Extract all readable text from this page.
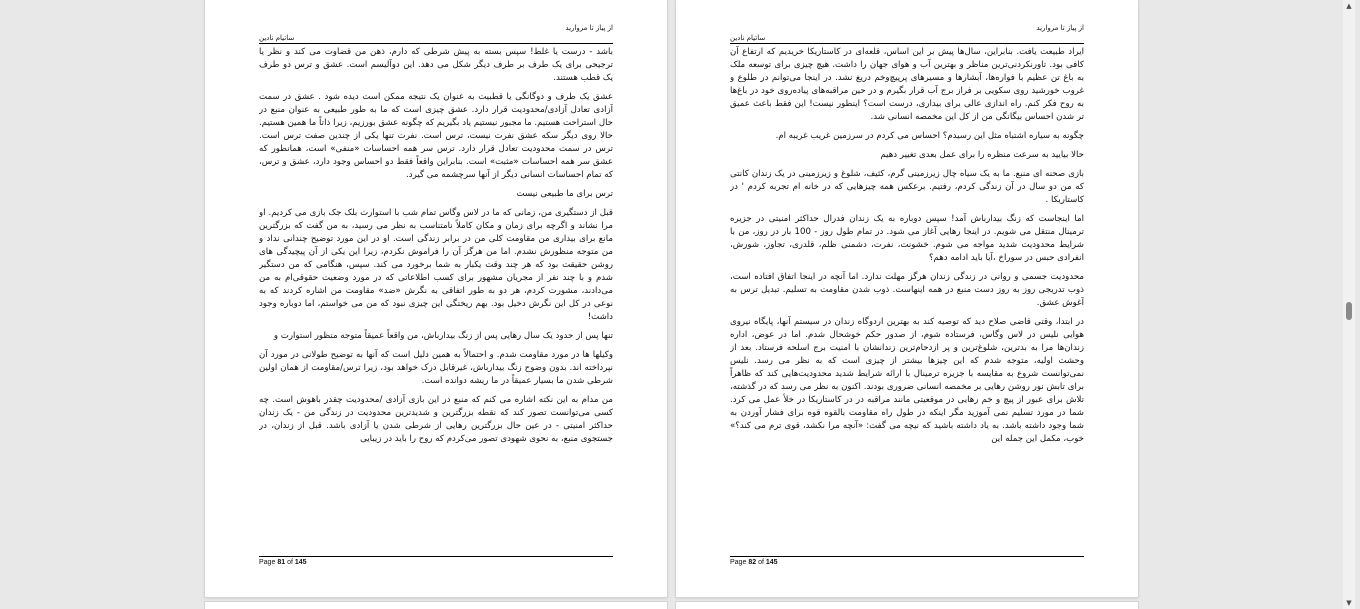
از پیاز تا مروارید
ساتیام نادین

باشد - درست یا غلط! سپس بسته به پیش شرطی که دارم، ذهن من قضاوت می کند و نظر یا ترجیحی برای یک طرف بر طرف دیگر شکل می دهد. این دوآلیسم است. عشق و ترس دو طرف یک قطب هستند.

عشق یک طرف و دوگانگی یا قطبیت به عنوان یک نتیجه ممکن است دیده شود . عشق در سمت آزادی تعادل آزادی/محدودیت قرار دارد. عشق چیزی است که ما به طور طبیعی به عنوان منبع در حال استراحت هستیم. ما مجبور نیستیم یاد بگیریم که چگونه عشق بورزیم، زیرا ذاتاً ما همین هستیم. حالا روی دیگر سکه عشق نفرت نیست، ترس است. نفرت تنها یکی از چندین صفت ترس است. ترس در سمت محدودیت تعادل قرار دارد. ترس سر همه احساسات «منفی» است، همانطور که عشق سر همه احساسات «مثبت» است. بنابراین واقعاً فقط دو احساس وجود دارد، عشق و ترس، که تمام احساسات انسانی دیگر از آنها سرچشمه می گیرد.

ترس برای ما طبیعی نیست

قبل از دستگیری من، زمانی که ما در لاس وگاس تمام شب با استوارت بلک جک بازی می کردیم. او مرا نشاند و اگرچه برای زمان و مکان کاملاً نامتناسب به نظر می رسید، به من گفت که بزرگترین مانع برای بیداری من مقاومت کلی من در برابر زندگی است. او در این مورد توضیح چندانی نداد و من متوجه منظورش نشدم. اما من هرگز آن را فراموش نکردم، زیرا این یکی از آن پیچیدگی های روشن حقیقت بود که هر چند وقت یکبار به شما برخورد می کند. سپس، هنگامی که من دستگیر شدم و با چند نفر از مجریان مشهور برای کسب اطلاعاتی که در مورد وضعیت حقوقی‌ام به من می‌دادند، مشورت کردم، هر دو به طور اتفاقی به نگرش «ضد» مقاومت من اشاره کردند که به نوعی در کل این نگرش دخیل بود. بهم ریختگی این چیزی نبود که من می خواستم، اما دوباره وجود داشت!

تنها پس از حدود یک سال رهایی پس از زنگ بیدارباش، من واقعاً عمیقاً متوجه منظور استوارت و

وکیلها ها در مورد مقاومت شدم. و احتمالاً به همین دلیل است که آنها به توضیح طولانی در مورد آن نپرداخته اند. بدون وضوح زنگ بیدارباش، غیرقابل درک خواهد بود، زیرا ترس/مقاومت از همان اولین شرطی شدن ما بسیار عمیقاً در ما ریشه دوانده است.

من مدام به این نکته اشاره می کنم که منبع در این بازی آزادی /محدودیت چقدر باهوش است. چه کسی می‌توانست تصور کند که نقطه بزرگترین و شدیدترین محدودیت در زندگی من - یک زندان حداکثر امنیتی - در عین حال بزرگترین رهایی از شرطی شدن یا آزادی باشد. قبل از زندان، در جستجوی منبع، به نحوی شهودی تصور می‌کردم که روح را باید در زیبایی

Page 81 of 145
از پیاز تا مروارید
ساتیام نادین

ایراد طبیعت یافت. بنابراین، سال‌ها پیش بر این اساس، قلعه‌ای در کاستاریکا خریدیم که ارتفاع آن کافی بود. تاورنکردنی‌ترین مناظر و بهترین آب و هوای جهان را داشت. هیچ چیزی برای توسعه ملک به باغ تن عظیم با فواره‌ها، آبشارها و مسیرهای پرپیچ‌وخم دریغ نشد. در اینجا می‌توانم در طلوع و غروب خورشید روی سکویی بر فراز برج آب قرار بگیرم و در حین مراقبه‌های پیاده‌روی خود در باغ‌ها به روح فکر کنم. راه اندازی عالی برای بیداری، درست است؟ اینطور نیست! این فقط باعث عمیق تر شدن احساس بیگانگی من از کل این مخمصه انسانی شد.

چگونه به سیاره اشتباه مثل این رسیدم؟ احساس می کردم در سرزمین غریب غریبه ام.

حالا بیایید به سرعت منظره را برای عمل بعدی تغییر دهیم

بازی صحنه ای منبع. ما به یک سیاه چال زیرزمینی گرم، کثیف، شلوغ و زیرزمینی در یک زندان کانتی که من دو سال در آن زندگی کردم، رفتیم. برعکس همه چیزهایی که در خانه ام تجربه کردم ' در کاستاریکا .

اما اینجاست که زنگ بیدارباش آمد! سپس دوباره به یک زندان فدرال حداکثر امنیتی در جزیره ترمینال منتقل می شویم. در اینجا رهایی آغاز می شود. در تمام طول روز - 100 بار در روز، من با شرایط محدودیت شدید مواجه می شوم. خشونت، نفرت، دشمنی ظلم، قلدری، تجاوز، شورش، انفرادی حبس در سوراخ ،آیا باید ادامه دهم؟

محدودیت جسمی و روانی در زندگی زندان هرگز مهلت ندارد. اما آنچه در اینجا اتفاق افتاده است، ذوب تدریجی روز به روز دست منبع در همه اینهاست. ذوب شدن مقاومت به تسلیم. تبدیل ترس به آغوش عشق.

در ابتدا، وقتی قاضی صلاح دید که توصیه کند به بهترین اردوگاه زندان در سیستم آنها، پایگاه نیروی هوایی نلیس در لاس وگاس، فرستاده شوم، از صدور حکم خوشحال شدم. اما در عوض، اداره زندان‌ها مرا به بدترین، شلوغ‌ترین و پر ازدحام‌ترین زندانشان با امنیت برج اسلحه فرستاد. بعد از وحشت اولیه، متوجه شدم که این چیزها بیشتر از چیزی است که به نظر می رسد. نلیس نمی‌توانست شروع به مقایسه با جزیره ترمینال با ارائه شرایط شدید محدودیت‌هایی کند که ظاهراً برای تابش نور روشن رهایی بر مخمصه انسانی ضروری بودند. اکنون به نظر می رسد که در گذشته، تلاش برای عبور از پیچ و خم رهایی در موقعیتی مانند مراقبه در در کاستاریکا در خلأ عمل می کرد. شما در مورد تسلیم نمی آموزید مگر اینکه در طول راه مقاومت بالقوه قوه برای فشار آوردن به شما وجود داشته باشد. به یاد داشته باشید که نیچه می گفت: «آنچه مرا نکشد، قوی ترم می کند؟» خوب، مکمل این جمله این

Page 82 of 145
▲
▼
